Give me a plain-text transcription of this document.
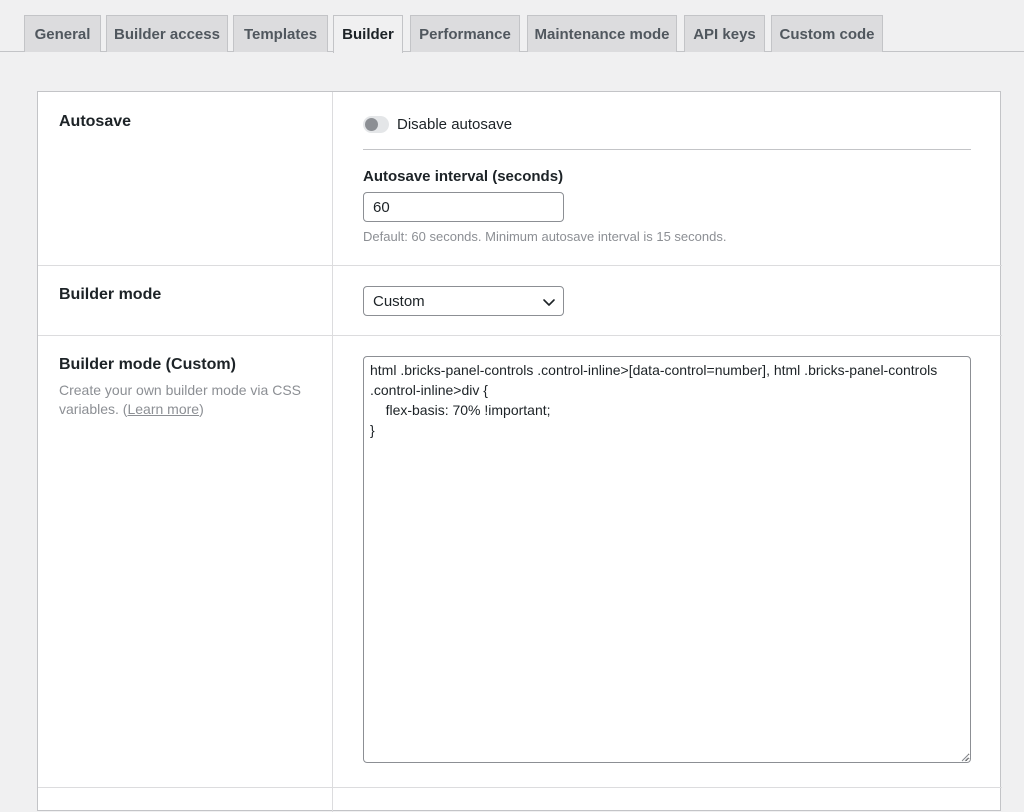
General	Builder access	Templates	Builder	Performance	Maintenance mode	API keys	Custom code
Autosave	Disable autosave
Autosave interval (seconds)
60
Default: 60 seconds. Minimum autosave interval is 15 seconds.
Builder mode	Custom
Builder mode (Custom)
Create your own builder mode via CSS variables. (Learn more)
html .bricks-panel-controls .control-inline>[data-control=number], html .bricks-panel-controls .control-inline>div { flex-basis: 70% !important; }
